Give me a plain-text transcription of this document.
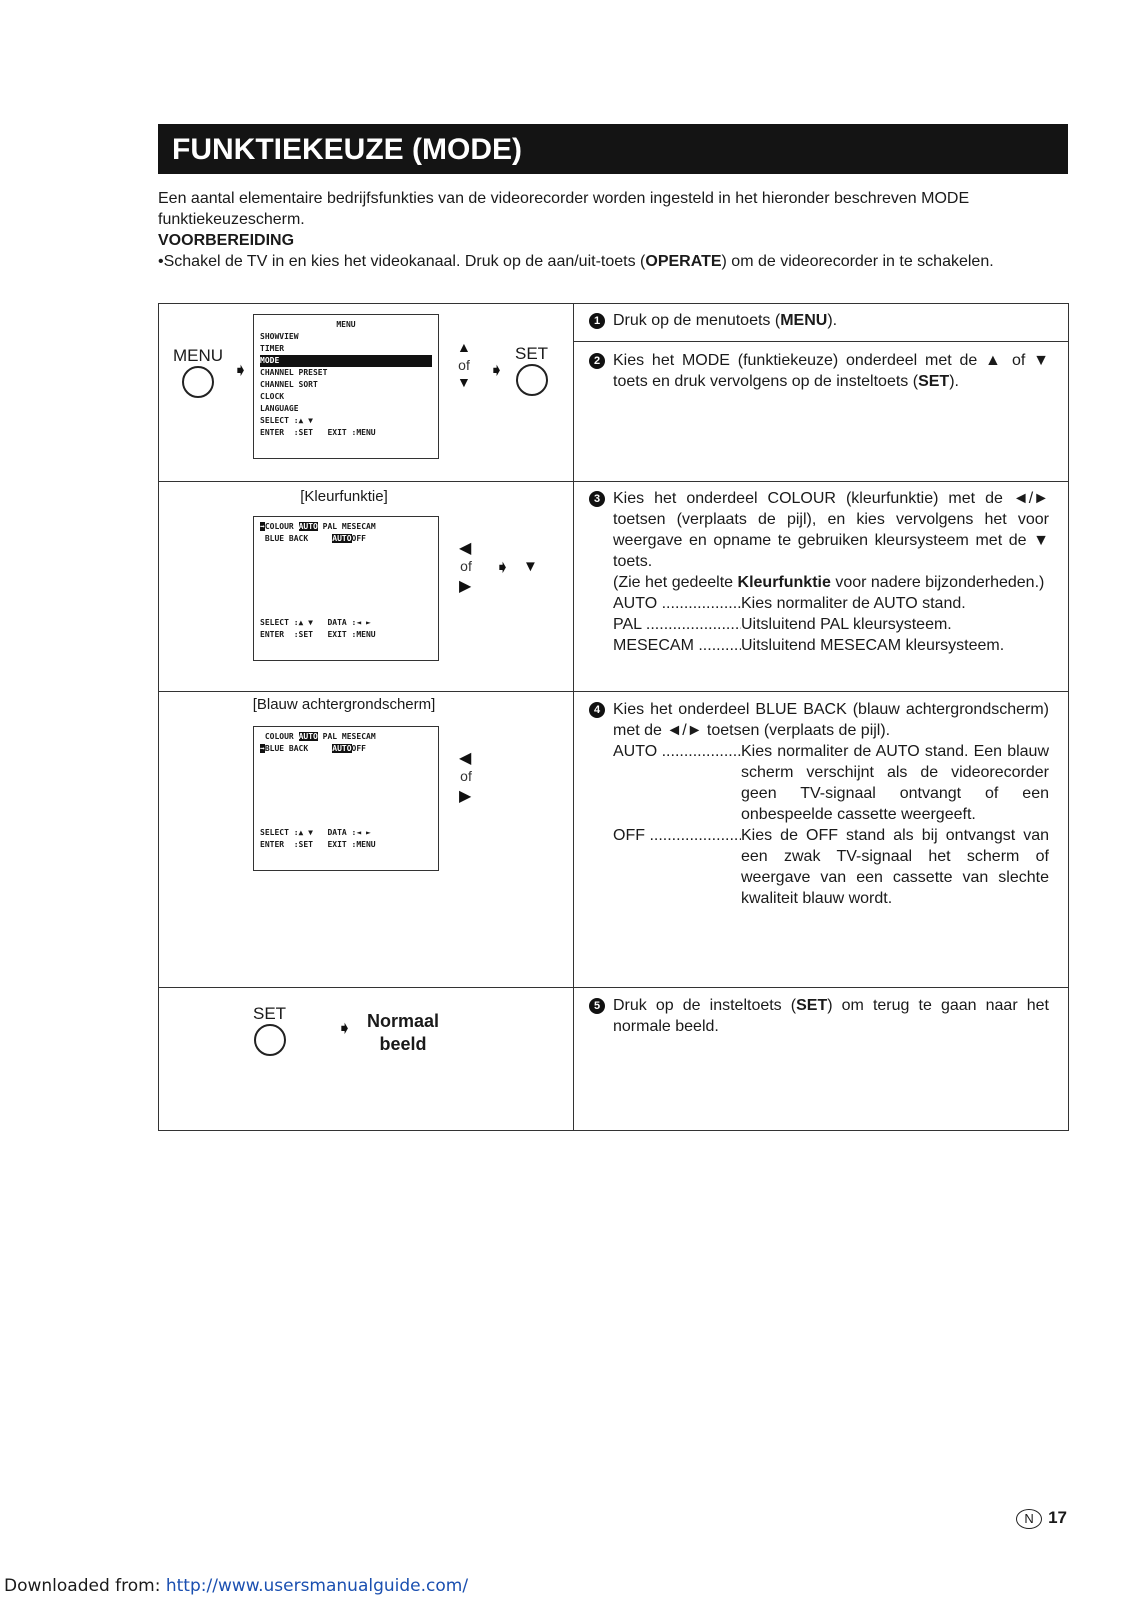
FUNKTIEKEUZE (MODE)

Een aantal elementaire bedrijfsfunkties van de videorecorder worden ingesteld in het hieronder beschreven MODE funktiekeuzescherm.

VOORBEREIDING

•Schakel de TV in en kies het videokanaal. Druk op de aan/uit-toets (OPERATE) om de videorecorder in te schakelen.

MENU
➧
MENU
SHOWVIEW
TIMER
MODE
CHANNEL PRESET
CHANNEL SORT
CLOCK
LANGUAGE
SELECT :▲ ▼
ENTER  :SET EXIT :MENU
▲
of
▼
➧
SET
[Kleurfunktie]
➡COLOUR AUTO PAL MESECAM
BLUE BACK	AUTOOFF

SELECT :▲ ▼ DATA :◄ ►
ENTER  :SET EXIT :MENU
◀
of
▶
➧ ▼
[Blauw achtergrondscherm]
COLOUR AUTO PAL MESECAM
➡BLUE BACK	AUTOOFF

SELECT :▲ ▼ DATA :◄ ►
ENTER  :SET EXIT :MENU
◀
of
▶
SET
➧ Normaal
beeld
1 Druk op de menutoets (MENU).
2 Kies het MODE (funktiekeuze) onderdeel met de ▲ of ▼ toets en druk vervolgens op de insteltoets (SET).
3 Kies het onderdeel COLOUR (kleurfunktie) met de ◄/► toetsen (verplaats de pijl), en kies vervolgens het voor weergave en opname te gebruiken kleursysteem met de ▼ toets.
(Zie het gedeelte Kleurfunktie voor nadere bijzonderheden.)
AUTO .....	Kies normaliter de AUTO stand.
PAL .....	Uitsluitend PAL kleursysteem.
MESECAM .....	Uitsluitend MESECAM kleursysteem.
4 Kies het onderdeel BLUE BACK (blauw achtergrondscherm) met de ◄/► toetsen (verplaats de pijl).
AUTO .....	Kies normaliter de AUTO stand. Een blauw scherm verschijnt als de videorecorder geen TV-signaal ontvangt of een onbespeelde cassette weergeeft.
OFF .....	Kies de OFF stand als bij ontvangst van een zwak TV-signaal het scherm of weergave van een cassette van slechte kwaliteit blauw wordt.
5 Druk op de insteltoets (SET) om terug te gaan naar het normale beeld.
N 17
Downloaded from: http://www.usersmanualguide.com/
